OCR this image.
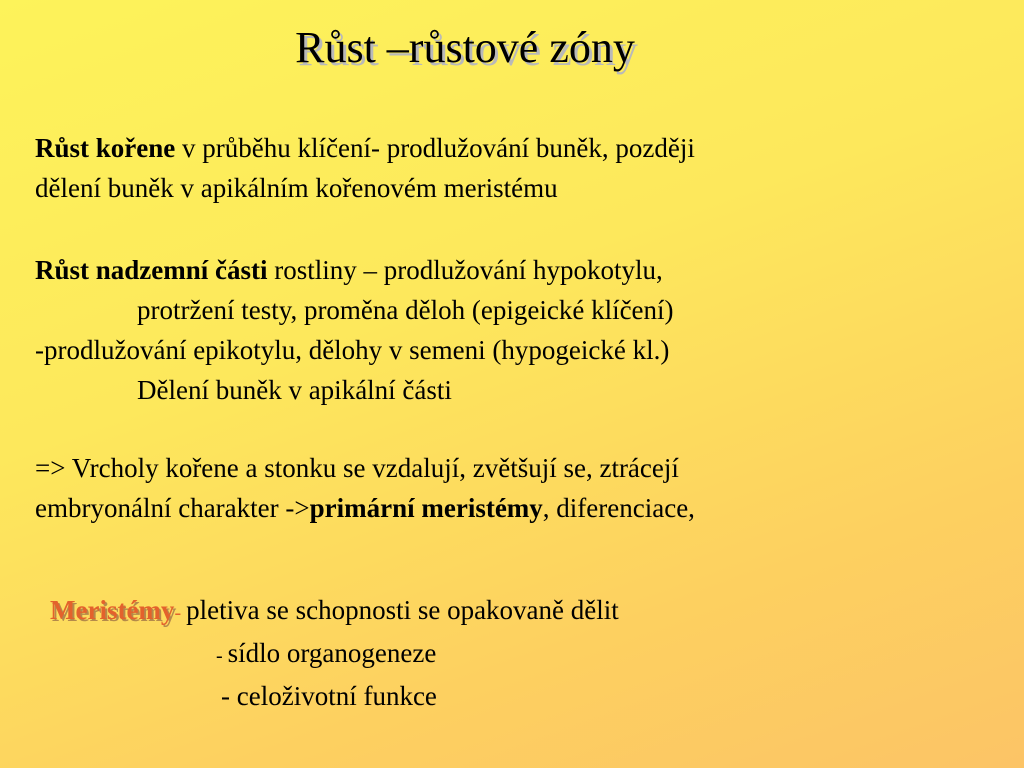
Růst –růstové zóny
Růst kořene v průběhu klíčení- prodlužování buněk, později
dělení buněk v apikálním kořenovém meristému
Růst nadzemní části rostliny – prodlužování hypokotylu,
protržení testy, proměna děloh (epigeické klíčení)
-prodlužování epikotylu, dělohy v semeni (hypogeické kl.)
Dělení buněk v apikální části
=> Vrcholy kořene a stonku se vzdalují, zvětšují se, ztrácejí
embryonální charakter ->primární meristémy, diferenciace,
Meristémy- pletiva se schopnosti se opakovaně dělit
- sídlo organogeneze
- celoživotní funkce
